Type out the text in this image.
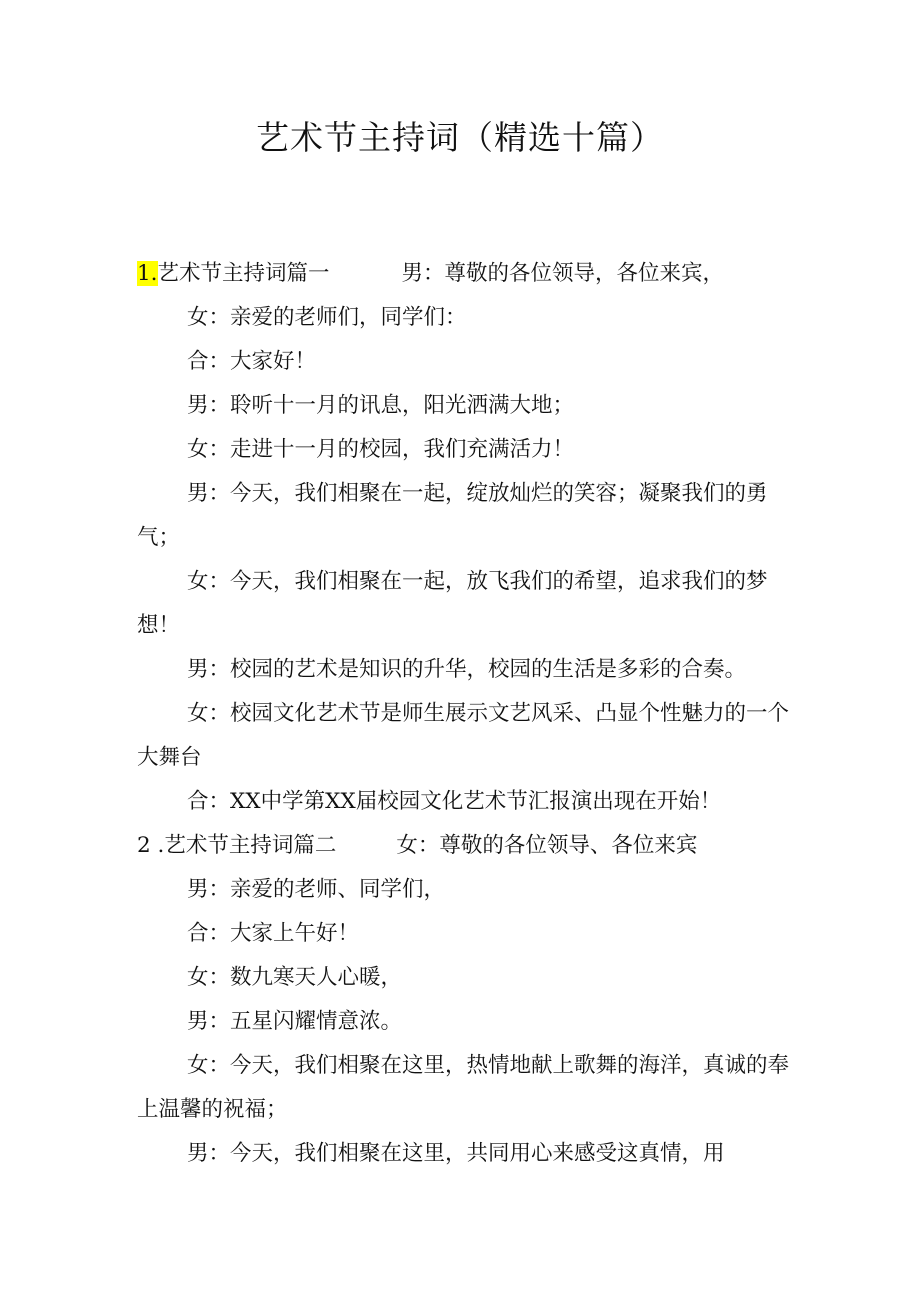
艺术节主持词（精选十篇）
1.艺术节主持词篇一	男：尊敬的各位领导，各位来宾，
女：亲爱的老师们，同学们：
合：大家好！
男：聆听十一月的讯息，阳光洒满大地；
女：走进十一月的校园，我们充满活力！
男：今天，我们相聚在一起，绽放灿烂的笑容；凝聚我们的勇气；
女：今天，我们相聚在一起，放飞我们的希望，追求我们的梦想！
男：校园的艺术是知识的升华，校园的生活是多彩的合奏。
女：校园文化艺术节是师生展示文艺风采、凸显个性魅力的一个大舞台
合：XX中学第XX届校园文化艺术节汇报演出现在开始！
2 .艺术节主持词篇二	女：尊敬的各位领导、各位来宾
男：亲爱的老师、同学们，
合：大家上午好！
女：数九寒天人心暖，
男：五星闪耀情意浓。
女：今天，我们相聚在这里，热情地献上歌舞的海洋，真诚的奉上温馨的祝福；
男：今天，我们相聚在这里，共同用心来感受这真情，用
